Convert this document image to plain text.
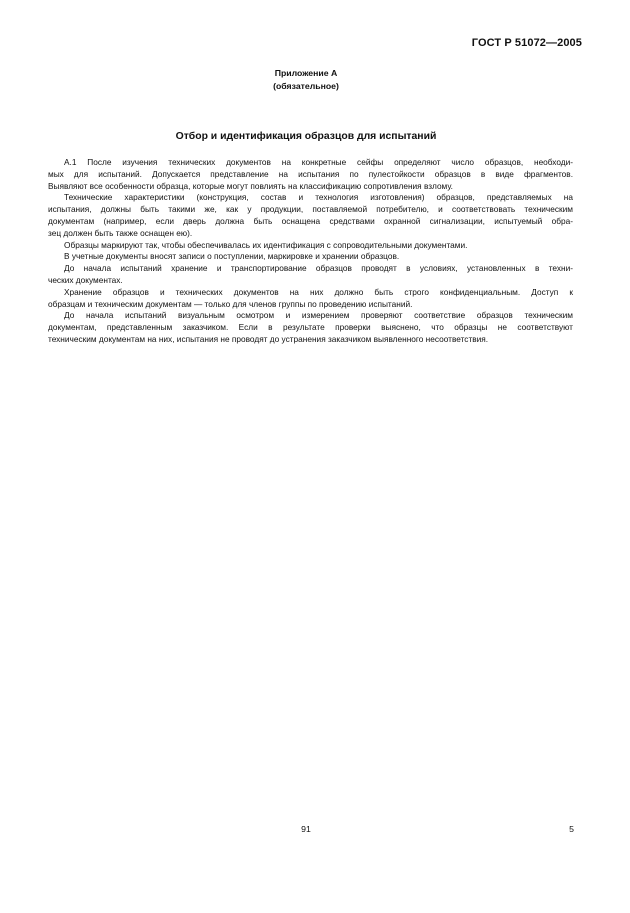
ГОСТ Р 51072—2005
Приложение А
(обязательное)
Отбор и идентификация образцов для испытаний
А.1 После изучения технических документов на конкретные сейфы определяют число образцов, необходи-
мых для испытаний. Допускается представление на испытания по пулестойкости образцов в виде фрагментов.
Выявляют все особенности образца, которые могут повлиять на классификацию сопротивления взлому.
Технические характеристики (конструкция, состав и технология изготовления) образцов, представляемых на
испытания, должны быть такими же, как у продукции, поставляемой потребителю, и соответствовать техническим
документам (например, если дверь должна быть оснащена средствами охранной сигнализации, испытуемый обра-
зец должен быть также оснащен ею).
Образцы маркируют так, чтобы обеспечивалась их идентификация с сопроводительными документами.
В учетные документы вносят записи о поступлении, маркировке и хранении образцов.
До начала испытаний хранение и транспортирование образцов проводят в условиях, установленных в техни-
ческих документах.
Хранение образцов и технических документов на них должно быть строго конфиденциальным. Доступ к
образцам и техническим документам — только для членов группы по проведению испытаний.
До начала испытаний визуальным осмотром и измерением проверяют соответствие образцов техническим
документам, представленным заказчиком. Если в результате проверки выяснено, что образцы не соответствуют
техническим документам на них, испытания не проводят до устранения заказчиком выявленного несоответствия.
91	5
